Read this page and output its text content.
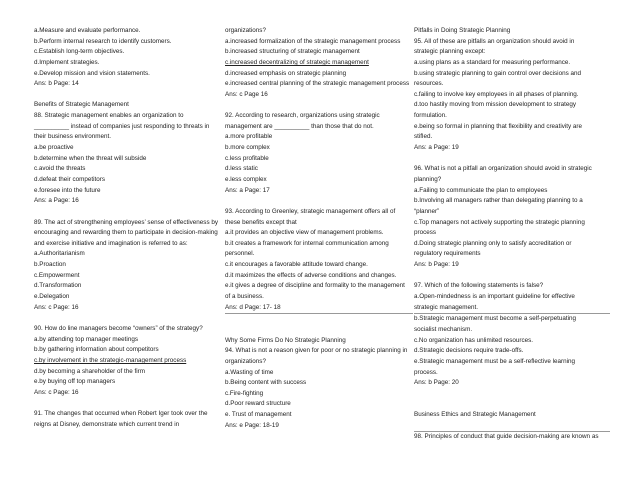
a.Measure and evaluate performance.
b.Perform internal research to identify customers.
c.Establish long-term objectives.
d.Implement strategies.
e.Develop mission and vision statements.
Ans: b Page: 14
Benefits of Strategic Management
88. Strategic management enables an organization to
__________ instead of companies just responding to threats in
their business environment.
a.be proactive
b.determine when the threat will subside
c.avoid the threats
d.defeat their competitors
e.foresee into the future
Ans: a Page: 16
89. The act of strengthening employees’ sense of effectiveness by
encouraging and rewarding them to participate in decision-making
and exercise initiative and imagination is referred to as:
a.Authoritarianism
b.Proaction
c.Empowerment
d.Transformation
e.Delegation
Ans: c Page: 16
90. How do line managers become “owners” of the strategy?
a.by attending top manager meetings
b.by gathering information about competitors
c.by involvement in the strategic-management process
d.by becoming a shareholder of the firm
e.by buying off top managers
Ans: c Page: 16
91. The changes that occurred when Robert Iger took over the
reigns at Disney, demonstrate which current trend in
organizations?
a.increased formalization of the strategic management process
b.increased structuring of strategic management
c.increased decentralizing of strategic management
d.increased emphasis on strategic planning
e.increased central planning of the strategic management process
Ans: c Page 16
92. According to research, organizations using strategic
management are __________ than those that do not.
a.more profitable
b.more complex
c.less profitable
d.less static
e.less complex
Ans: a Page: 17
93. According to Greenley, strategic management offers all of
these benefits except that
a.it provides an objective view of management problems.
b.it creates a framework for internal communication among
personnel.
c.it encourages a favorable attitude toward change.
d.it maximizes the effects of adverse conditions and changes.
e.it gives a degree of discipline and formality to the management
of a business.
Ans: d Page: 17- 18
Why Some Firms Do No Strategic Planning
94. What is not a reason given for poor or no strategic planning in
organizations?
a.Wasting of time
b.Being content with success
c.Fire-fighting
d.Poor reward structure
e. Trust of management
Ans: e Page: 18-19
Pitfalls in Doing Strategic Planning
95. All of these are pitfalls an organization should avoid in
strategic planning except:
a.using plans as a standard for measuring performance.
b.using strategic planning to gain control over decisions and
resources.
c.failing to involve key employees in all phases of planning.
d.too hastily moving from mission development to strategy
formulation.
e.being so formal in planning that flexibility and creativity are
stifled.
Ans: a Page: 19
96. What is not a pitfall an organization should avoid in strategic
planning?
a.Failing to communicate the plan to employees
b.Involving all managers rather than delegating planning to a
“planner”
c.Top managers not actively supporting the strategic planning
process
d.Doing strategic planning only to satisfy accreditation or
regulatory requirements
Ans: b Page: 19
97. Which of the following statements is false?
a.Open-mindedness is an important guideline for effective
strategic management.
b.Strategic management must become a self-perpetuating
socialist mechanism.
c.No organization has unlimited resources.
d.Strategic decisions require trade-offs.
e.Strategic management must be a self-reflective learning
process.
Ans: b Page: 20
Business Ethics and Strategic Management
98. Principles of conduct that guide decision-making are known as
